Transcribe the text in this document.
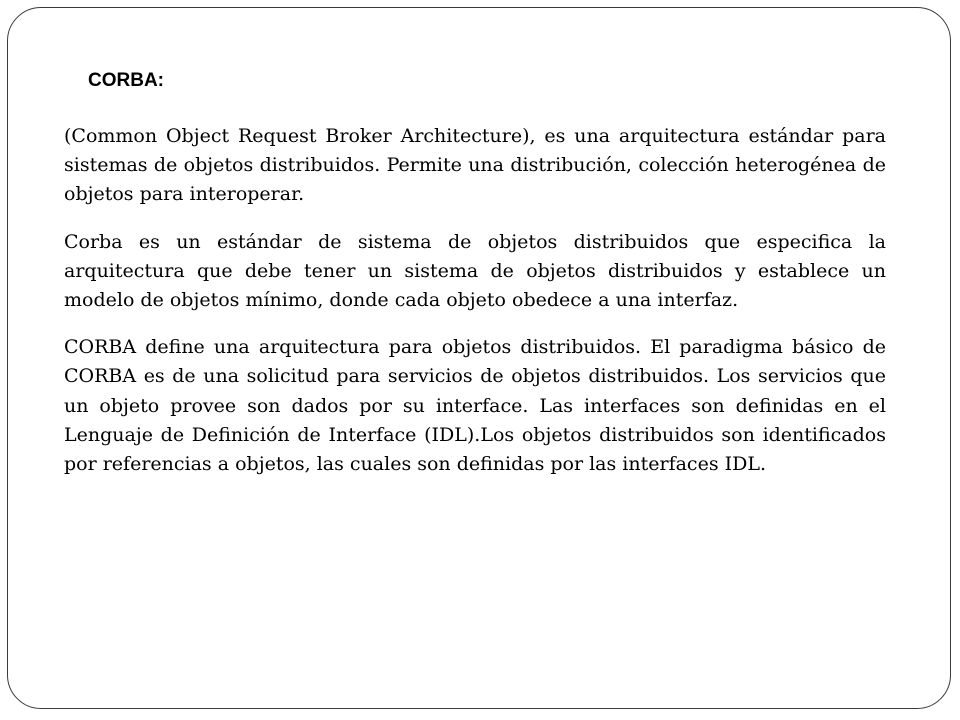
CORBA:

(Common Object Request Broker Architecture), es una arquitectura estándar para sistemas de objetos distribuidos. Permite una distribución, colección heterogénea de objetos para interoperar.

Corba es un estándar de sistema de objetos distribuidos que especifica la arquitectura que debe tener un sistema de objetos distribuidos y establece un modelo de objetos mínimo, donde cada objeto obedece a una interfaz.

CORBA define una arquitectura para objetos distribuidos. El paradigma básico de CORBA es de una solicitud para servicios de objetos distribuidos. Los servicios que un objeto provee son dados por su interface. Las interfaces son definidas en el Lenguaje de Definición de Interface (IDL).Los objetos distribuidos son identificados por referencias a objetos, las cuales son definidas por las interfaces IDL.
